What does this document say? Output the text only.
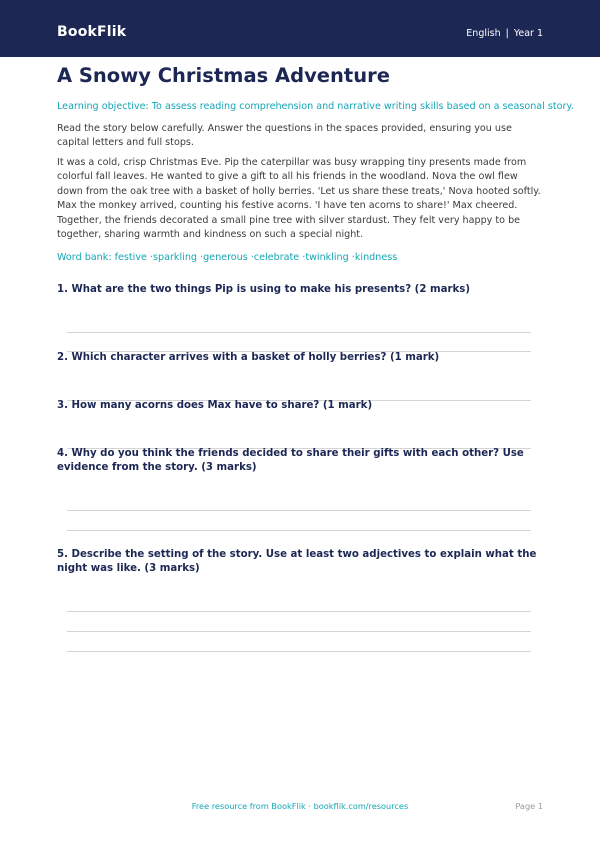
BookFlik	English | Year 1
A Snowy Christmas Adventure
Learning objective: To assess reading comprehension and narrative writing skills based on a seasonal story.
Read the story below carefully. Answer the questions in the spaces provided, ensuring you use capital letters and full stops.
It was a cold, crisp Christmas Eve. Pip the caterpillar was busy wrapping tiny presents made from colorful fall leaves. He wanted to give a gift to all his friends in the woodland. Nova the owl flew down from the oak tree with a basket of holly berries. 'Let us share these treats,' Nova hooted softly. Max the monkey arrived, counting his festive acorns. 'I have ten acorns to share!' Max cheered. Together, the friends decorated a small pine tree with silver stardust. They felt very happy to be together, sharing warmth and kindness on such a special night.
Word bank: festive · sparkling · generous · celebrate · twinkling · kindness
1. What are the two things Pip is using to make his presents? (2 marks)
2. Which character arrives with a basket of holly berries? (1 mark)
3. How many acorns does Max have to share? (1 mark)
4. Why do you think the friends decided to share their gifts with each other? Use evidence from the story. (3 marks)
5. Describe the setting of the story. Use at least two adjectives to explain what the night was like. (3 marks)
Free resource from BookFlik · bookflik.com/resources	Page 1
